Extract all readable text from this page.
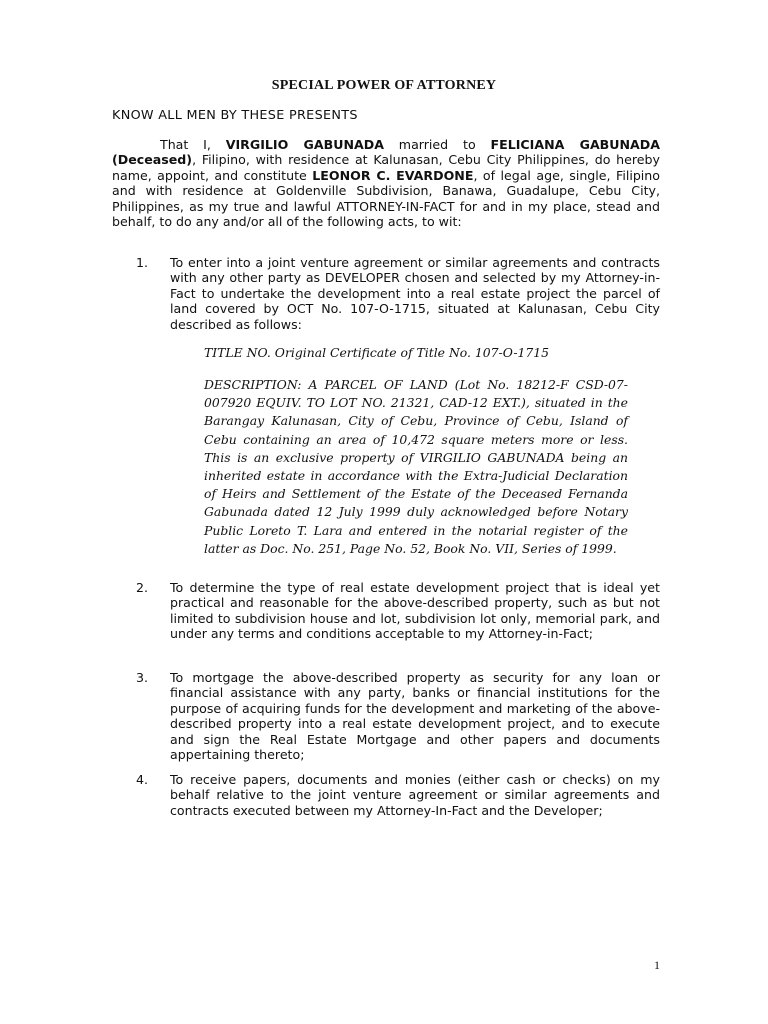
SPECIAL POWER OF ATTORNEY
KNOW ALL MEN BY THESE PRESENTS
That I, VIRGILIO GABUNADA married to FELICIANA GABUNADA (Deceased), Filipino, with residence at Kalunasan, Cebu City Philippines, do hereby name, appoint, and constitute LEONOR C. EVARDONE, of legal age, single, Filipino and with residence at Goldenville Subdivision, Banawa, Guadalupe, Cebu City, Philippines, as my true and lawful ATTORNEY-IN-FACT for and in my place, stead and behalf, to do any and/or all of the following acts, to wit:
1. To enter into a joint venture agreement or similar agreements and contracts with any other party as DEVELOPER chosen and selected by my Attorney-in-Fact to undertake the development into a real estate project the parcel of land covered by OCT No. 107-O-1715, situated at Kalunasan, Cebu City described as follows:
TITLE NO. Original Certificate of Title No. 107-O-1715
DESCRIPTION: A PARCEL OF LAND (Lot No. 18212-F CSD-07-007920 EQUIV. TO LOT NO. 21321, CAD-12 EXT.), situated in the Barangay Kalunasan, City of Cebu, Province of Cebu, Island of Cebu containing an area of 10,472 square meters more or less. This is an exclusive property of VIRGILIO GABUNADA being an inherited estate in accordance with the Extra-Judicial Declaration of Heirs and Settlement of the Estate of the Deceased Fernanda Gabunada dated 12 July 1999 duly acknowledged before Notary Public Loreto T. Lara and entered in the notarial register of the latter as Doc. No. 251, Page No. 52, Book No. VII, Series of 1999.
2. To determine the type of real estate development project that is ideal yet practical and reasonable for the above-described property, such as but not limited to subdivision house and lot, subdivision lot only, memorial park, and under any terms and conditions acceptable to my Attorney-in-Fact;
3. To mortgage the above-described property as security for any loan or financial assistance with any party, banks or financial institutions for the purpose of acquiring funds for the development and marketing of the above-described property into a real estate development project, and to execute and sign the Real Estate Mortgage and other papers and documents appertaining thereto;
4. To receive papers, documents and monies (either cash or checks) on my behalf relative to the joint venture agreement or similar agreements and contracts executed between my Attorney-In-Fact and the Developer;
1
